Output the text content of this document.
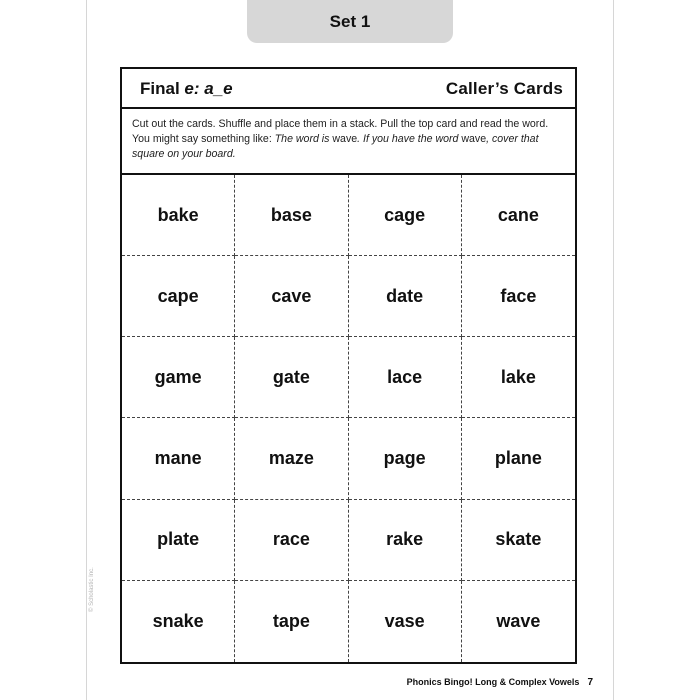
Set 1
Final e: a_e	Caller’s Cards
Cut out the cards. Shuffle and place them in a stack. Pull the top card and read the word. You might say something like: The word is wave. If you have the word wave, cover that square on your board.
bake	base	cage	cane
cape	cave	date	face
game	gate	lace	lake
mane	maze	page	plane
plate	race	rake	skate
snake	tape	vase	wave
© Scholastic Inc.
Phonics Bingo! Long & Complex Vowels 7
